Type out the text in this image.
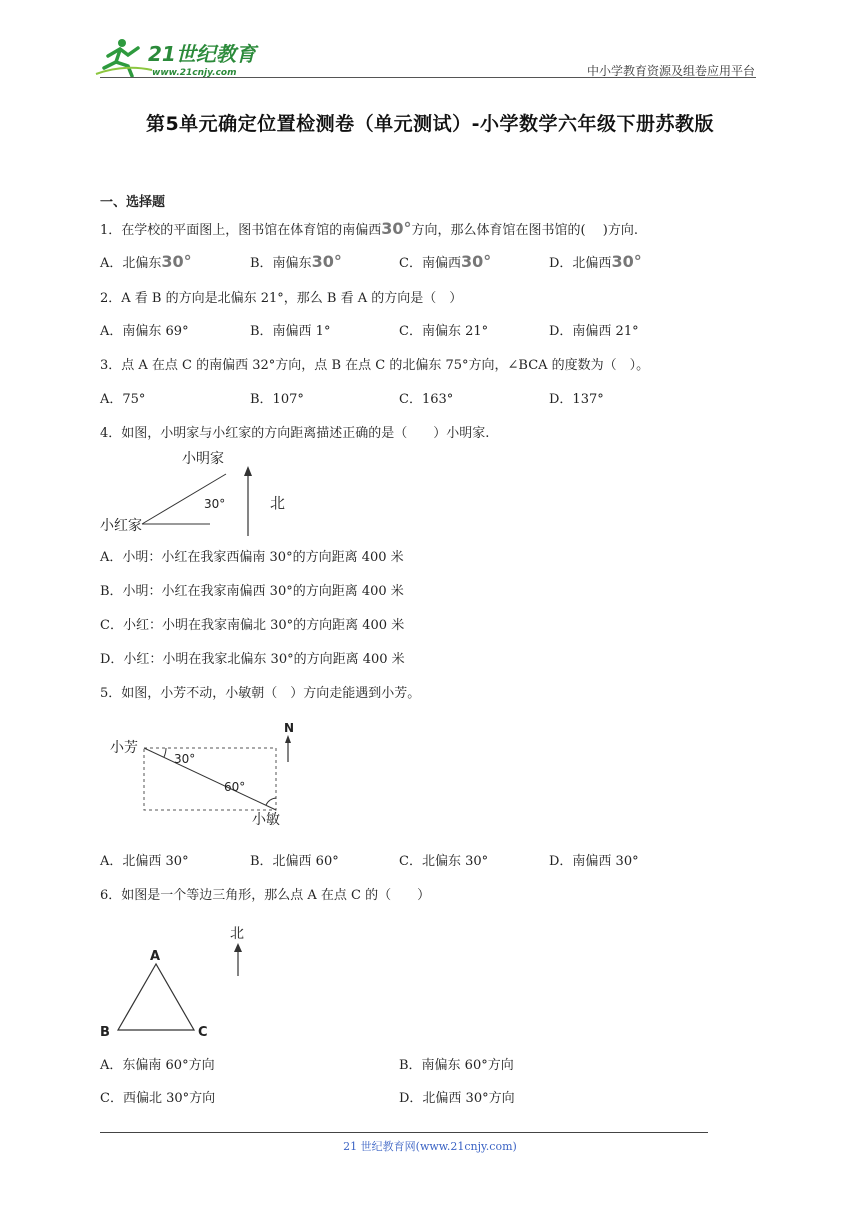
21世纪教育
www.21cnjy.com	中小学教育资源及组卷应用平台
第5单元确定位置检测卷（单元测试）-小学数学六年级下册苏教版
一、选择题
1．在学校的平面图上，图书馆在体育馆的南偏西30°方向，那么体育馆在图书馆的(　 )方向.
A．北偏东30°	B．南偏东30°	C．南偏西30°	D．北偏西30°
2．A 看 B 的方向是北偏东 21°，那么 B 看 A 的方向是（　）
A．南偏东 69°	B．南偏西 1°	C．南偏东 21°	D．南偏西 21°
3．点 A 在点 C 的南偏西 32°方向，点 B 在点 C 的北偏东 75°方向，∠BCA 的度数为（　）。
A．75°	B．107°	C．163°	D．137°
4．如图，小明家与小红家的方向距离描述正确的是（　　）小明家.
小明家
30°
小红家
北
A．小明：小红在我家西偏南 30°的方向距离 400 米
B．小明：小红在我家南偏西 30°的方向距离 400 米
C．小红：小明在我家南偏北 30°的方向距离 400 米
D．小红：小明在我家北偏东 30°的方向距离 400 米
5．如图，小芳不动，小敏朝（　）方向走能遇到小芳。
小芳
30°
60°
小敏
N
A．北偏西 30°	B．北偏西 60°	C．北偏东 30°	D．南偏西 30°
6．如图是一个等边三角形，那么点 A 在点 C 的（　　）
A
B	C
北
A．东偏南 60°方向	B．南偏东 60°方向
C．西偏北 30°方向	D．北偏西 30°方向
21 世纪教育网(www.21cnjy.com)
